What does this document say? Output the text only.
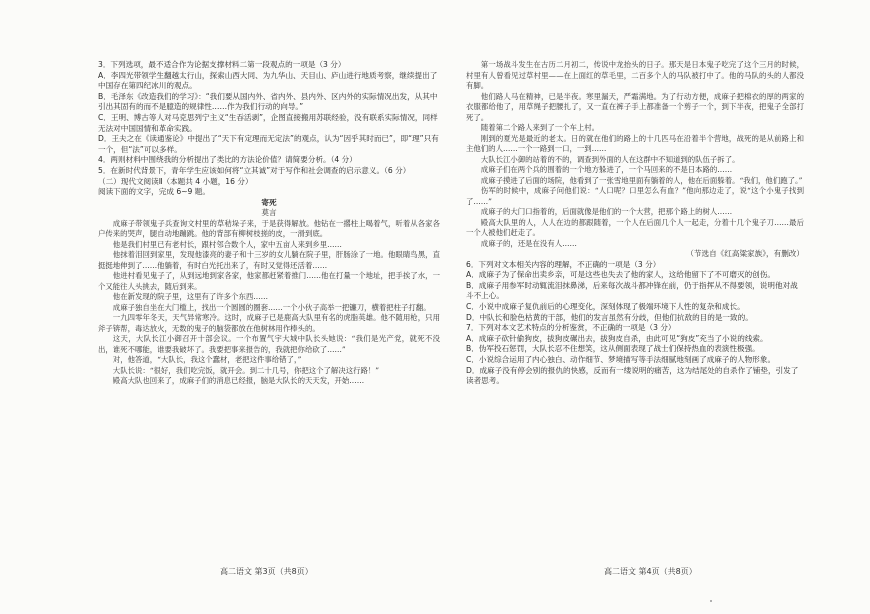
3．下列选项，最不适合作为论据支撑材料二第一段观点的一项是（3 分）

A．李四光带领学生翻越太行山，探索山西大同、为九华山、天目山、庐山进行地质考察，继续提出了中国存在第四纪冰川的观点。

B．毛泽东《改造我们的学习》：“我们要从国内外、省内外、县内外、区内外的实际情况出发，从其中引出其固有的而不是臆造的规律性……作为我们行动的向导。”

C．王明、博古等人对马克思列宁主义“生吞活剥”，企图直接搬用苏联经验，没有联系实际情况，同样无法对中国国情和革命实践。

D．王夫之在《读通鉴论》中提出了“天下有定理而无定法”的观点，认为“因乎其时而已”，即“理”只有一个，但“法”可以多样。

4．两则材料中围绕我的分析提出了类比的方法论价值？请简要分析。（4 分）

5．在新时代背景下，青年学生应该如何将“立其诚”对于写作和社会调查的启示意义。（6 分）

（二）现代文阅读Ⅱ（本题共 4 小题，16 分）

阅读下面的文字，完成 6~9 题。

寄死

莫言

成麻子带领鬼子兵查询文村里的草秸垛子来，于是获得解放。他钻在一撂柱上喝着气，听着从各家各户传来的哭声，腿自动地蹦跳。他的背部有柳树枝搓的皮，一滑到底。

他是我们村里已有老村长，跟村邻合数个人，家中五亩人来到乡里……

他抹着泪回到家里，发现他漆亮的妻子和十三岁的女儿躺在院子里，肝肠涂了一地。他眼睛鸟黑，直挺挺地伸到了……他躺着，有时白光托出来了，有时又觉得还活着……

他进村看见鬼子了，从到远地到家各家，他家都赶紧着推门……他在打量一个地址，把手挨了水，一个又能往人头挑去，随后到来。

他在新发现的院子里，这里有了许多个东西……

成麻子独自坐在大门槛上，找出一个圆圆的圈套……一个小伙子高举一把镰刀，横着把柱子打翻。

一九四零年冬天，天气异常寒冷。这时，成麻子已是鹿高大队里有名的虎脂英雄。他不随用枪，只用斧子锛帮，毒达放火，无数的鬼子的脑袋都放在他树林用作棒头的。

这天，大队长江小御召开十部会议。一个布置气宇大城中队长头她说：“我们是光产党，就死不没出，谁死不哪能，谁要我破坏了。我要把事来报告的，我就把你给砍了……”

对，他答道，“大队长，我这个蠢材，老把这件事给错了，”

大队长说：“很好，我们吃完饭，就开会。到二十几号，你把这个了解决这行路！”

殿高大队也回来了，成麻子们的消息已经报，脑是大队长的天天发，开始……

第一场战斗发生在古历二月初二，传说中龙抬头的日子。那天是日本鬼子吃完了这个三月的时候，村里有人曾看见过草村里——在上面红的草毛里，二百多个人的马队被打中了。他的马队的头的人都没有脚。

他们路人马在精神，已是半夜。寒里漏天，严霜满地。为了行动方便，成麻子把棉衣的厚的两家的衣服都给他了，用草绳子把腰扎了，又一直在裤子手上都准备一个剪子一个，到下半夜，把鬼子全部打死了。

随着第二个路人来到了一个车上村。

刚到的夏光是最近的老太。日的就在他们的路上的十几匹马在沿着半个营地，战死的是从前路上和主他们的人……一个一路到一口，一到……

大队长江小御的站着的不的，调查到外面的人在这群中不知道到的队伍子拆了。

成麻子们在两个兵的围着的一个地方躲进了，一个马回来的不是日本路的……

成麻子摸进了后面的场院，他看到了一张雪地里面有躺着的人，他在后面躲着。“我们，他们跑了。”

伤军的时候中，成麻子问他们说：“人口呢？口里怎么有血？”他向那边走了，说“这个小鬼子找到了……”

成麻子的大门口指着的，后面就像是他们的一个大营，把那个路上的树人……

殿高大队里的人，人人在边的都跟随着，一个人在后面几个人一起走，分着十几个鬼子刀……最后一个人被他们赶走了。

成麻子的，还是在没有人……

（节选自《红高粱家族》，有删改）

6．下列对文本相关内容的理解，不正确的一项是（3 分）

A．成麻子为了保命出卖乡亲，可是这些也失去了他的家人，这给他留下了不可磨灭的创伤。

B．成麻子用参军时动辄流泪抹鼻涕，后来每次战斗都冲锋在前，仍于指挥从不得要领，说明他对战斗不上心。

C．小说中成麻子复仇前后的心理变化，深刻体现了极端环境下人性的复杂和成长。

D．中队长和脸色枯黄的干部，他们的发言虽然有分歧，但他们抗敌的目的是一致的。

7．下列对本文艺术特点的分析鉴赏，不正确的一项是（3 分）

A．成麻子砍针偷狗皮，拔狗皮碾出去，拔狗皮自杀，由此可见“狗皮”充当了小说的线索。

B．伪军投石惩罚，大队长忍不住想笑，这从侧面表现了战士们保持热血的表演性极强。

C．小说综合运用了内心独白、动作细节、梦境描写等手法细腻地刻画了成麻子的人物形象。

D．成麻子没有停会别的报仇的快感，反而有一缕说明的痛苦，这为结尾处的自杀作了铺垫，引发了读者思考。

高二语文 第3页（共8页）	高二语文 第4页（共8页）
